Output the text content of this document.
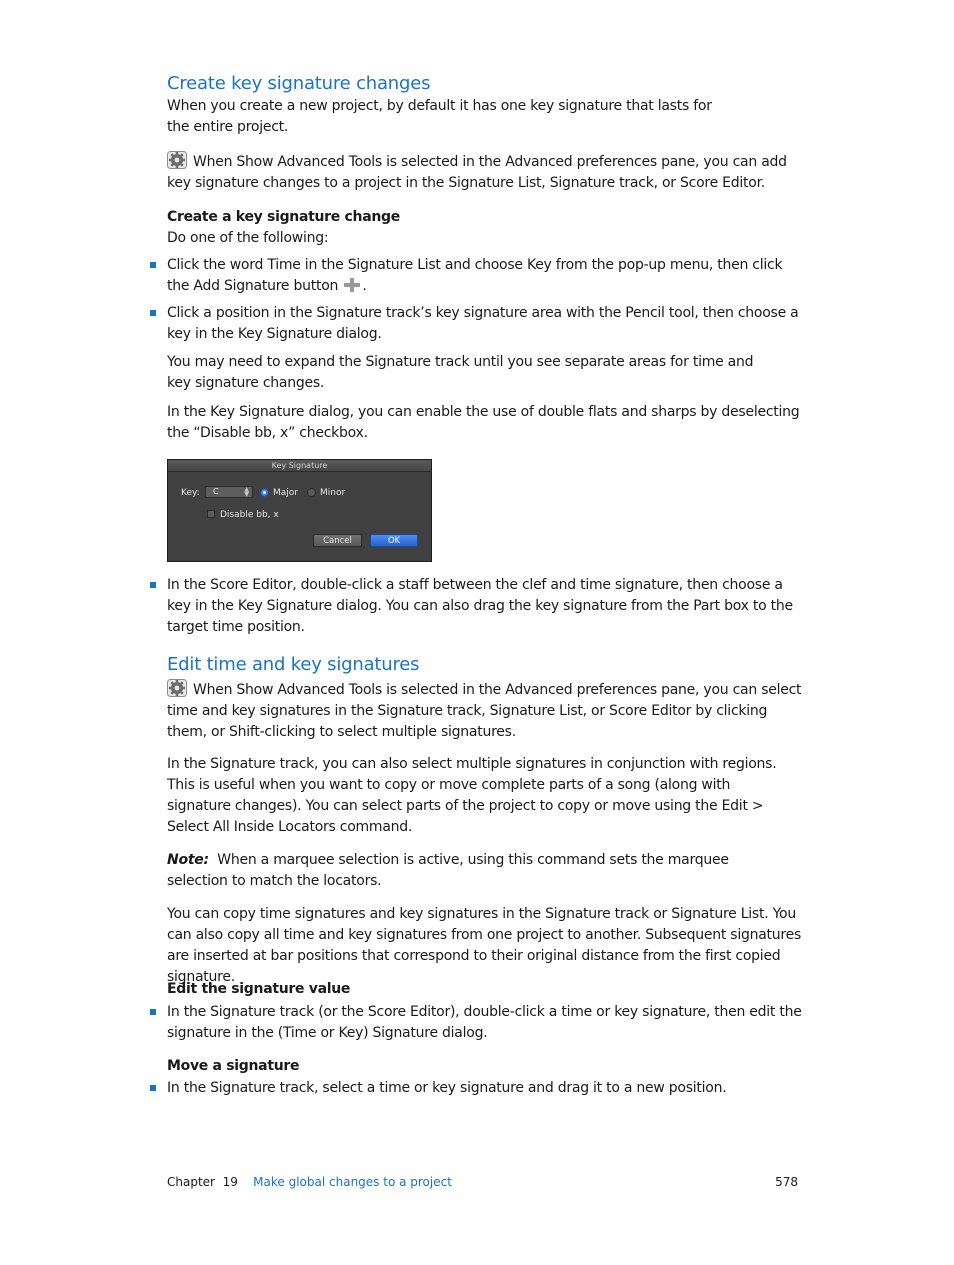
Create key signature changes

When you create a new project, by default it has one key signature that lasts for the entire project.

When Show Advanced Tools is selected in the Advanced preferences pane, you can add key signature changes to a project in the Signature List, Signature track, or Score Editor.

Create a key signature change

Do one of the following:

Click the word Time in the Signature List and choose Key from the pop-up menu, then click the Add Signature button .
Click a position in the Signature track’s key signature area with the Pencil tool, then choose a key in the Key Signature dialog.

You may need to expand the Signature track until you see separate areas for time and key signature changes.

In the Key Signature dialog, you can enable the use of double flats and sharps by deselecting the “Disable bb, x” checkbox.

Key Signature
Key:	C	▲
▼	Major Minor
Disable bb, x
Cancel	OK
In the Score Editor, double-click a staff between the clef and time signature, then choose a key in the Key Signature dialog. You can also drag the key signature from the Part box to the target time position.
Edit time and key signatures

When Show Advanced Tools is selected in the Advanced preferences pane, you can select time and key signatures in the Signature track, Signature List, or Score Editor by clicking them, or Shift-clicking to select multiple signatures.

In the Signature track, you can also select multiple signatures in conjunction with regions. This is useful when you want to copy or move complete parts of a song (along with signature changes). You can select parts of the project to copy or move using the Edit > Select All Inside Locators command.

Note: When a marquee selection is active, using this command sets the marquee selection to match the locators.

You can copy time signatures and key signatures in the Signature track or Signature List. You can also copy all time and key signatures from one project to another. Subsequent signatures are inserted at bar positions that correspond to their original distance from the first copied signature.

Edit the signature value
In the Signature track (or the Score Editor), double-click a time or key signature, then edit the signature in the (Time or Key) Signature dialog.
Move a signature
In the Signature track, select a time or key signature and drag it to a new position.
Chapter 19 Make global changes to a project	578
